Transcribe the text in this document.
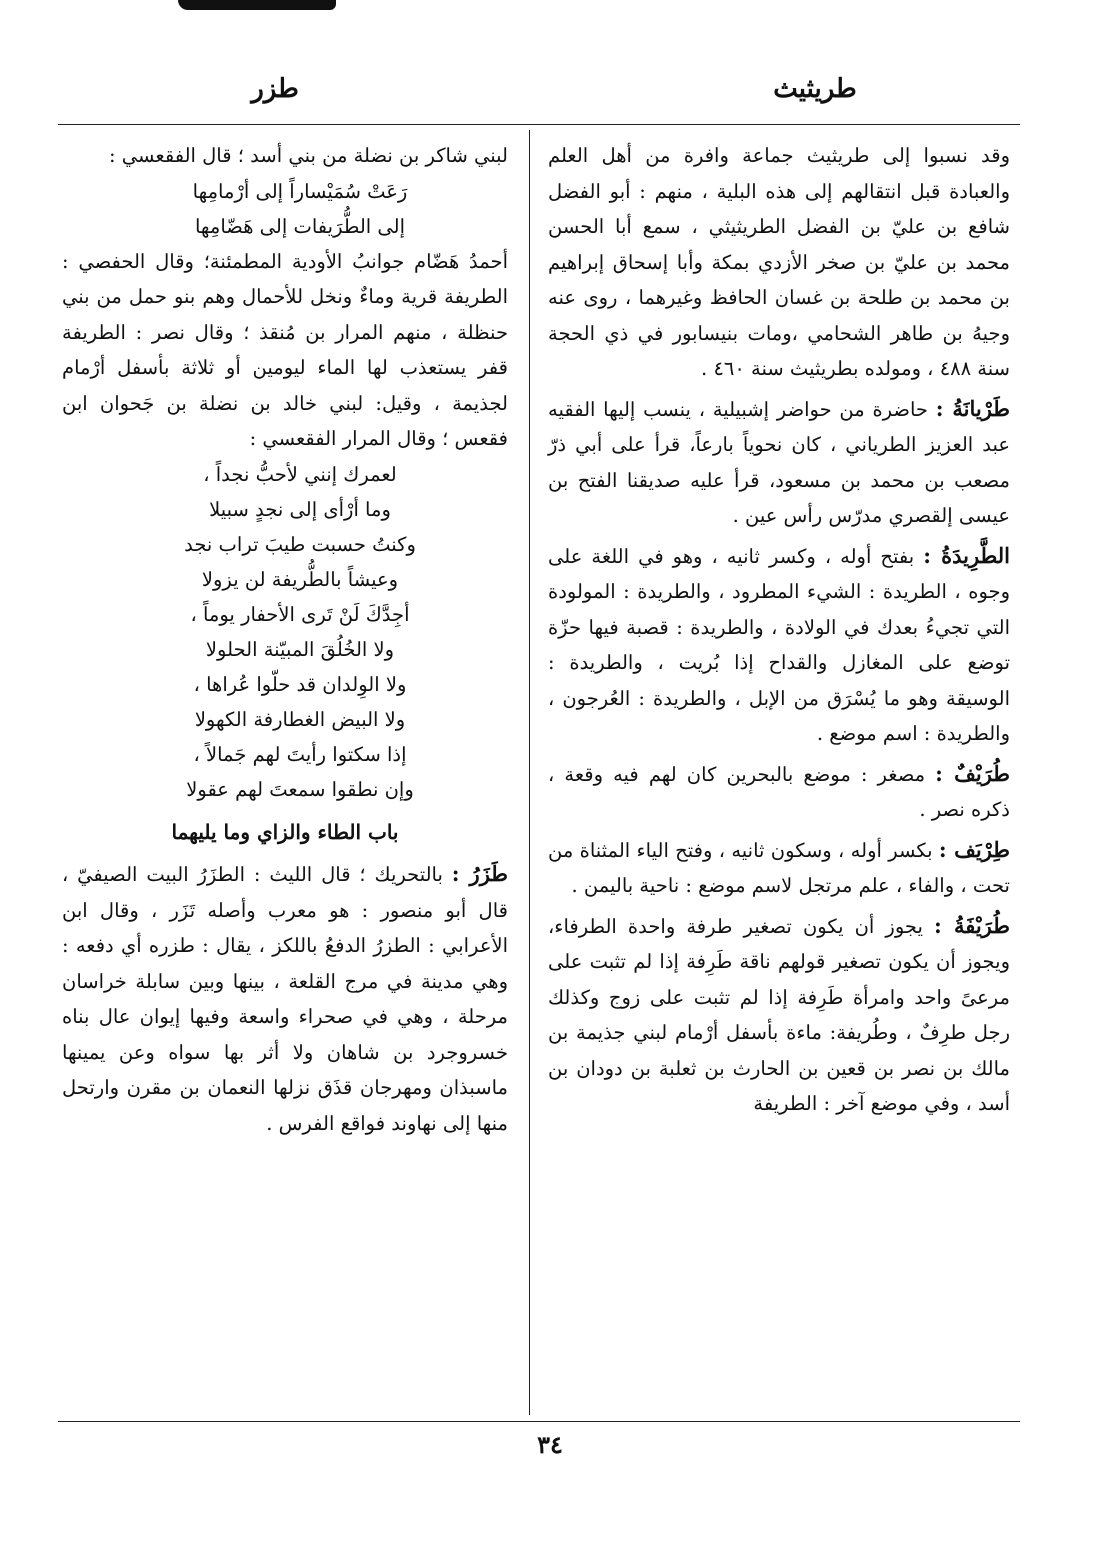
طريثيث
طزر

وقد نسبوا إلى طريثيث جماعة وافرة من أهل العلم والعبادة قبل انتقالهم إلى هذه البلية ، منهم : أبو الفضل شافع بن عليّ بن الفضل الطريثيثي ، سمع أبا الحسن محمد بن عليّ بن صخر الأزدي بمكة وأبا إسحاق إبراهيم بن محمد بن طلحة بن غسان الحافظ وغيرهما ، روى عنه وجيهُ بن طاهر الشحامي ،ومات بنيسابور في ذي الحجة سنة ٤٨٨ ، ومولده بطريثيث سنة ٤٦٠ .

طَرْيانَةُ : حاضرة من حواضر إشبيلية ، ينسب إليها الفقيه عبد العزيز الطرياني ، كان نحوياً بارعاً، قرأ على أبي ذرّ مصعب بن محمد بن مسعود، قرأ عليه صديقنا الفتح بن عيسى إلقصري مدرّس رأس عين .

الطَّرِيدَةُ : بفتح أوله ، وكسر ثانيه ، وهو في اللغة على وجوه ، الطريدة : الشيء المطرود ، والطريدة : المولودة التي تجيءُ بعدك في الولادة ، والطريدة : قصبة فيها حزّة توضع على المغازل والقداح إذا بُريت ، والطريدة : الوسيقة وهو ما يُسْرَق من الإبل ، والطريدة : العُرجون ، والطريدة : اسم موضع .

طُرَيْفٌ : مصغر : موضع بالبحرين كان لهم فيه وقعة ، ذكره نصر .

طِرْيَف : بكسر أوله ، وسكون ثانيه ، وفتح الياء المثناة من تحت ، والفاء ، علم مرتجل لاسم موضع : ناحية باليمن .

طُرَيْفَةُ : يجوز أن يكون تصغير طرفة واحدة الطرفاء، ويجوز أن يكون تصغير قولهم ناقة طَرِفة إذا لم تثبت على مرعىً واحد وامرأة طَرِفة إذا لم تثبت على زوج وكذلك رجل طرِفٌ ، وطُريفة: ماءة بأسفل أرْمام لبني جذيمة بن مالك بن نصر بن قعين بن الحارث بن ثعلبة بن دودان بن أسد ، وفي موضع آخر : الطريفة

لبني شاكر بن نضلة من بني أسد ؛ قال الفقعسي :

رَعَتْ سُمَيْساراً إلى أرْمامِها

إلى الطُّرَيفات إلى هَضّامِها

أحمدُ هَضّام جوانبُ الأودية المطمئنة؛ وقال الحفصي : الطريفة قرية وماءٌ ونخل للأحمال وهم بنو حمل من بني حنظلة ، منهم المرار بن مُنقذ ؛ وقال نصر : الطريفة قفر يستعذب لها الماء ليومين أو ثلاثة بأسفل أرْمام لجذيمة ، وقيل: لبني خالد بن نضلة بن جَحوان ابن فقعس ؛ وقال المرار الفقعسي :

لعمرك إنني لأحبُّ نجداً ،

وما أرْأى إلى نجدٍ سبيلا

وكنتُ حسبت طيبَ تراب نجد

وعيشاً بالطُّريفة لن يزولا

أجِدَّكَ لَنْ تَرى الأحفار يوماً ،

ولا الخُلُقَ المبيّنة الحلولا

ولا الوِلدان قد حلّوا عُراها ،

ولا البيض الغطارفة الكهولا

إذا سكتوا رأيتَ لهم جَمالاً ،

وإن نطقوا سمعتَ لهم عقولا

باب الطاء والزاي وما يليهما

طَزَرُ : بالتحريك ؛ قال الليث : الطزَرُ البيت الصيفيّ ، قال أبو منصور : هو معرب وأصله تَزَر ، وقال ابن الأعرابي : الطزرُ الدفعُ باللكز ، يقال : طزره أي دفعه : وهي مدينة في مرج القلعة ، بينها وبين سابلة خراسان مرحلة ، وهي في صحراء واسعة وفيها إيوان عال بناه خسروجرد بن شاهان ولا أثر بها سواه وعن يمينها ماسبذان ومهرجان قذَق نزلها النعمان بن مقرن وارتحل منها إلى نهاوند فواقع الفرس .

٣٤
